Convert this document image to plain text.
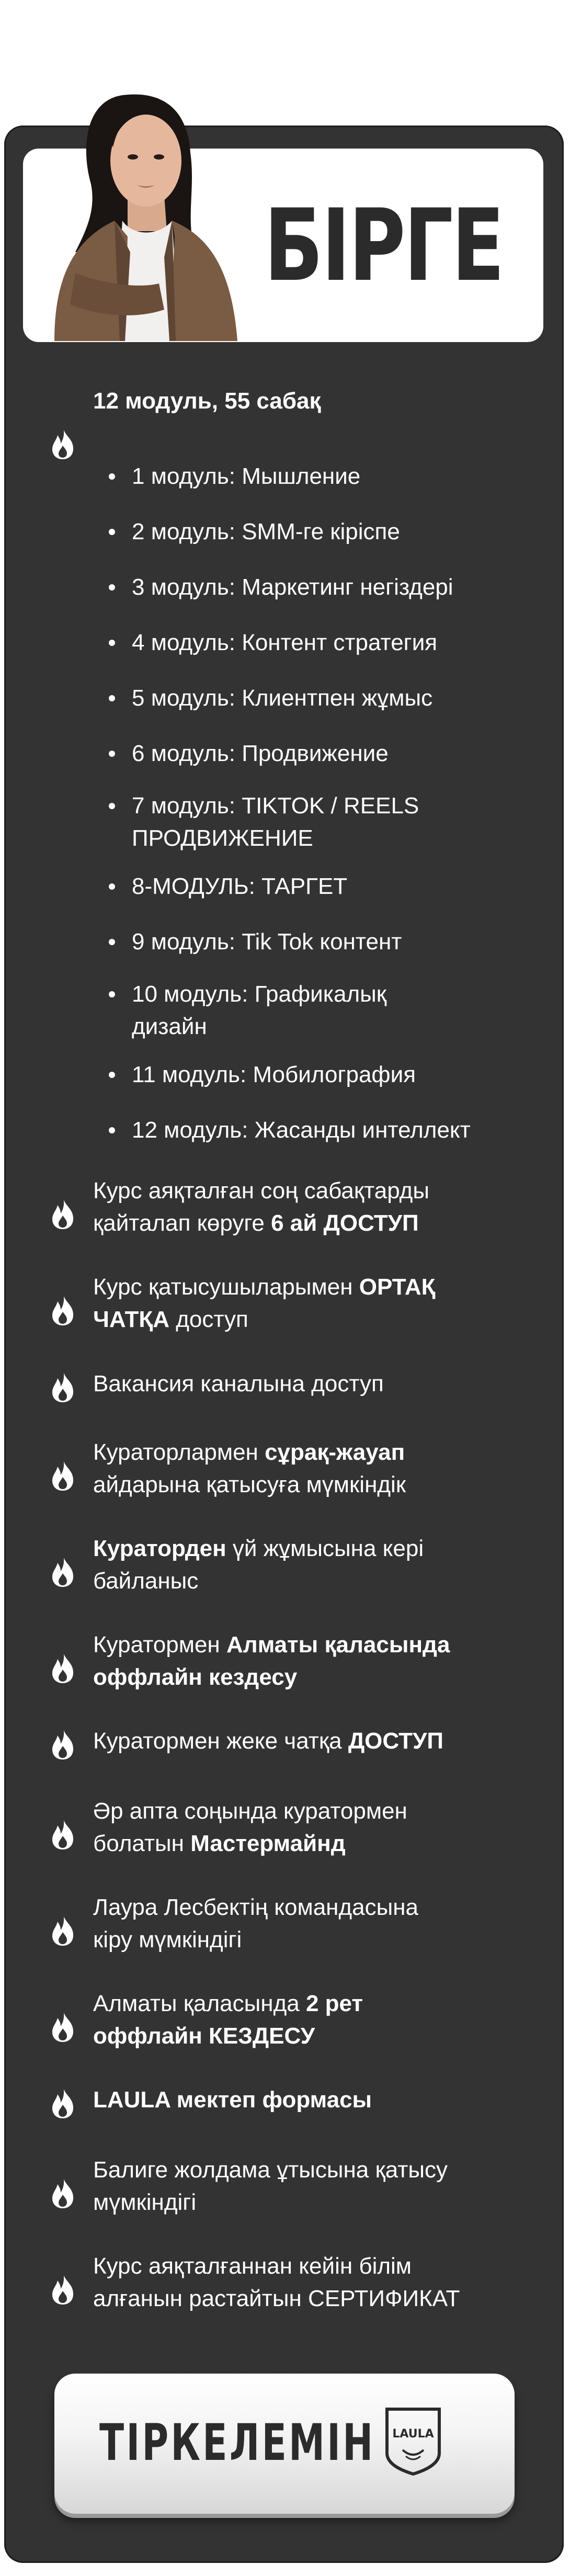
БІРГЕ
12 модуль, 55 сабақ
1 модуль: Мышление
2 модуль: SMM-ге кіріспе
3 модуль: Маркетинг негіздері
4 модуль: Контент стратегия
5 модуль: Клиентпен жұмыс
6 модуль: Продвижение
7 модуль: TIKTOK / REELS
ПРОДВИЖЕНИЕ
8-МОДУЛЬ: ТАРГЕТ
9 модуль: Tik Tok контент
10 модуль: Графикалық
дизайн
11 модуль: Мобилография
12 модуль: Жасанды интеллект
Курс аяқталған соң сабақтарды
қайталап көруге 6 ай ДОСТУП
Курс қатысушыларымен ОРТАҚ
ЧАТҚА доступ
Вакансия каналына доступ
Кураторлармен сұрақ-жауап
айдарына қатысуға мүмкіндік
Кураторден үй жұмысына кері
байланыс
Куратормен Алматы қаласында
оффлайн кездесу
Куратормен жеке чатқа ДОСТУП
Әр апта соңында куратормен
болатын Мастермайнд
Лаура Лесбектің командасына
кіру мүмкіндігі
Алматы қаласында 2 рет
оффлайн КЕЗДЕСУ
LAULA мектеп формасы
Балиге жолдама ұтысына қатысу
мүмкіндігі
Курс аяқталғаннан кейін білім
алғанын растайтын СЕРТИФИКАТ
ТІРКЕЛЕМІН LAULA
